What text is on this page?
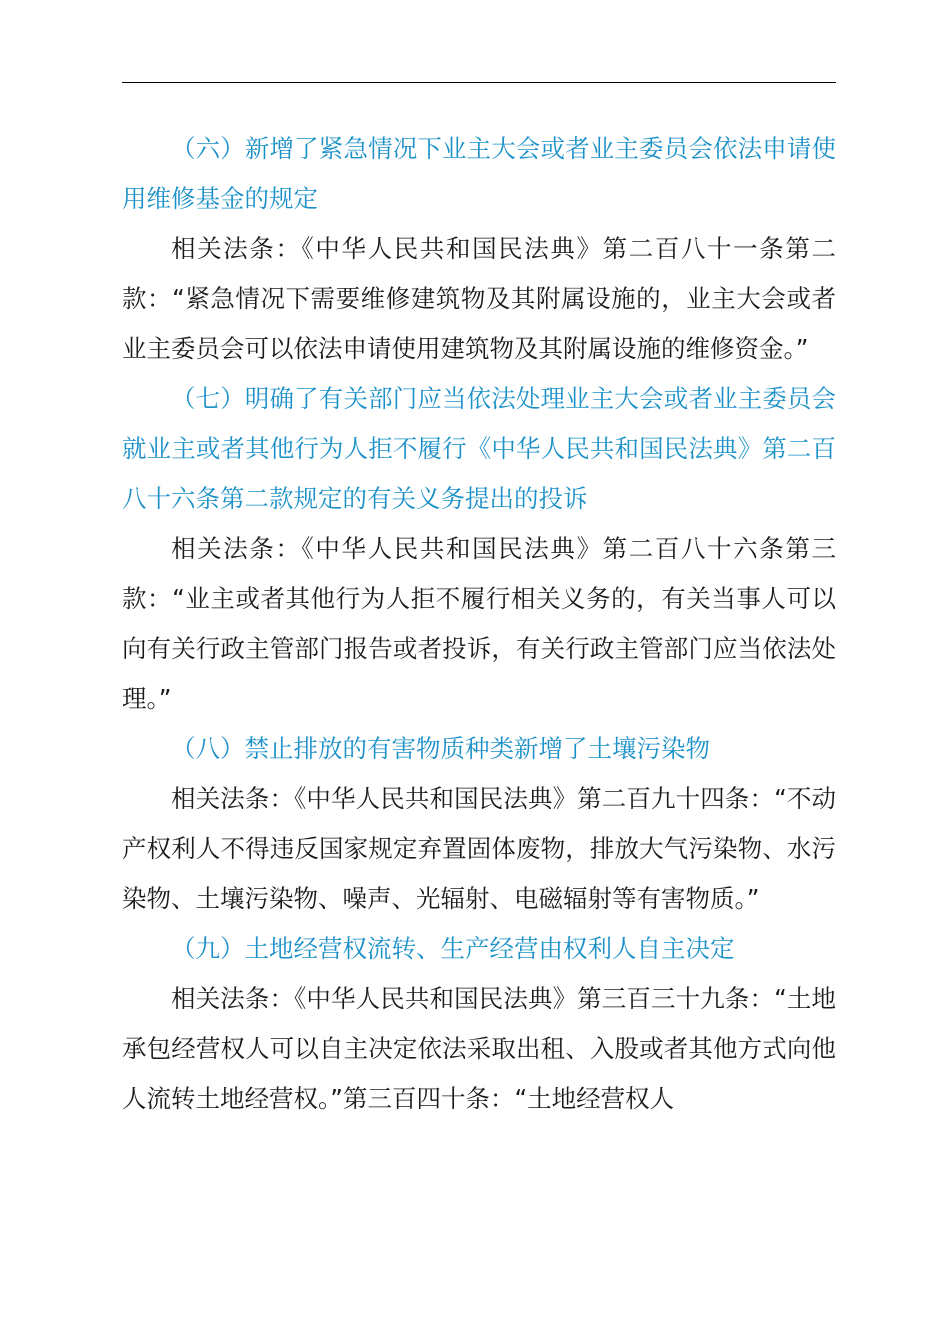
（六）新增了紧急情况下业主大会或者业主委员会依法申请使用维修基金的规定

相关法条：《中华人民共和国民法典》第二百八十一条第二款：“紧急情况下需要维修建筑物及其附属设施的，业主大会或者业主委员会可以依法申请使用建筑物及其附属设施的维修资金。”

（七）明确了有关部门应当依法处理业主大会或者业主委员会就业主或者其他行为人拒不履行《中华人民共和国民法典》第二百八十六条第二款规定的有关义务提出的投诉

相关法条：《中华人民共和国民法典》第二百八十六条第三款：“业主或者其他行为人拒不履行相关义务的，有关当事人可以向有关行政主管部门报告或者投诉，有关行政主管部门应当依法处理。”

（八）禁止排放的有害物质种类新增了土壤污染物

相关法条：《中华人民共和国民法典》第二百九十四条：“不动产权利人不得违反国家规定弃置固体废物，排放大气污染物、水污染物、土壤污染物、噪声、光辐射、电磁辐射等有害物质。”

（九）土地经营权流转、生产经营由权利人自主决定

相关法条：《中华人民共和国民法典》第三百三十九条：“土地承包经营权人可以自主决定依法采取出租、入股或者其他方式向他人流转土地经营权。”第三百四十条：“土地经营权人
